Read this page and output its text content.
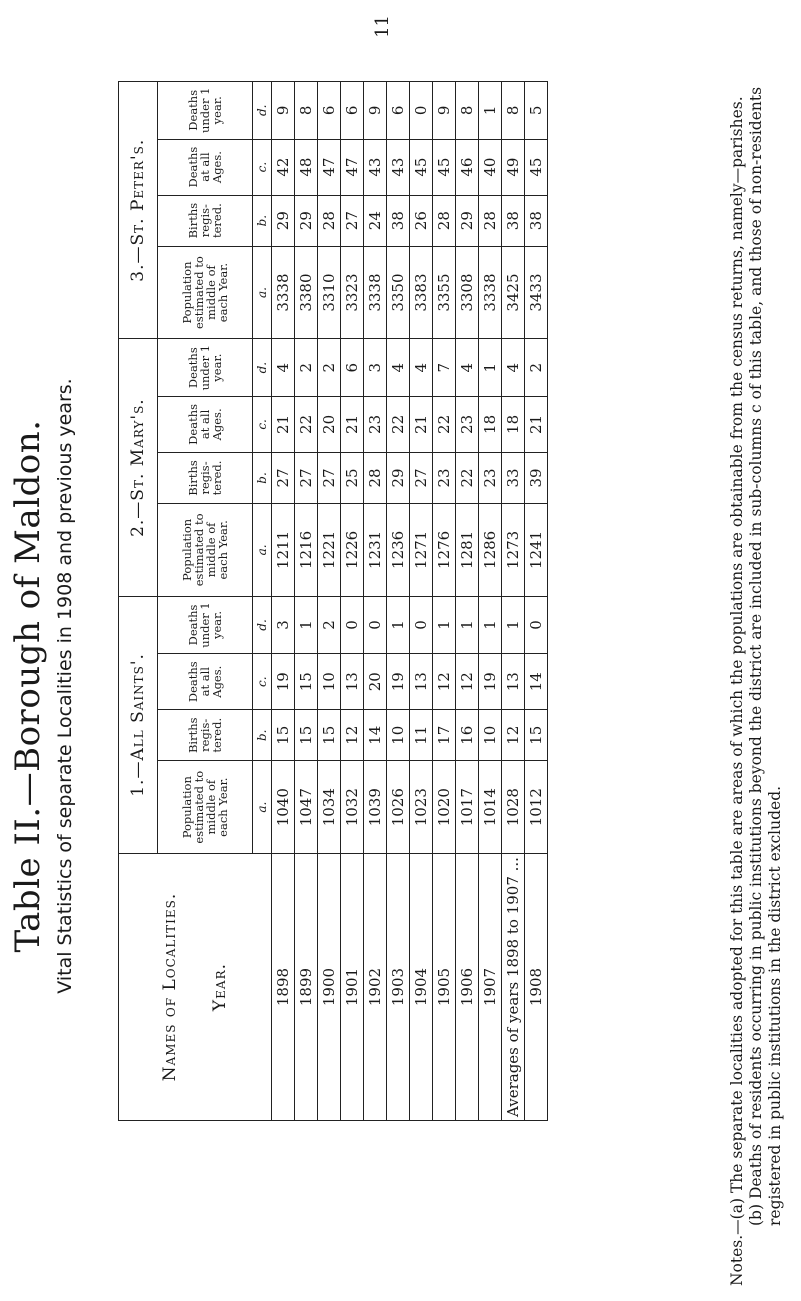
Table II.—Borough of Maldon. Vital Statistics of separate Localities in 1908 and previous years.
11
Names of Localities. Year.	1.—All Saints'.				2.—St. Mary's.				3.—St. Peter's.			
	Population estimated to middle of each Year.	Births regis-tered.	Deaths at all Ages.	Deaths under 1 year.	Population estimated to middle of each Year.	Births regis-tered.	Deaths at all Ages.	Deaths under 1 year.	Population estimated to middle of each Year.	Births regis-tered.	Deaths at all Ages.	Deaths under 1 year.
	a.	b.	c.	d.	a.	b.	c.	d.	a.	b.	c.	d.
1898	1040	15	19	3	1211	27	21	4	3338	29	42	9
1899	1047	15	15	1	1216	27	22	2	3380	29	48	8
1900	1034	15	10	2	1221	27	20	2	3310	28	47	6
1901	1032	12	13	0	1226	25	21	6	3323	27	47	6
1902	1039	14	20	0	1231	28	23	3	3338	24	43	9
1903	1026	10	19	1	1236	29	22	4	3350	38	43	6
1904	1023	11	13	0	1271	27	21	4	3383	26	45	0
1905	1020	17	12	1	1276	23	22	7	3355	28	45	9
1906	1017	16	12	1	1281	22	23	4	3308	29	46	8
1907	1014	10	19	1	1286	23	18	1	3338	28	40	1
Averages of years 1898 to 1907 ...	1028	12	13	1	1273	33	18	4	3425	38	49	8
1908	1012	15	14	0	1241	39	21	2	3433	38	45	5	Notes.—(a) The separate localities adopted for this table are areas of which the populations are obtainable from the census returns, namely—parishes. (b) Deaths of residents occurring in public institutions beyond the district are included in sub-columns c of this table, and those of non-residents registered in public institutions in the district excluded.
